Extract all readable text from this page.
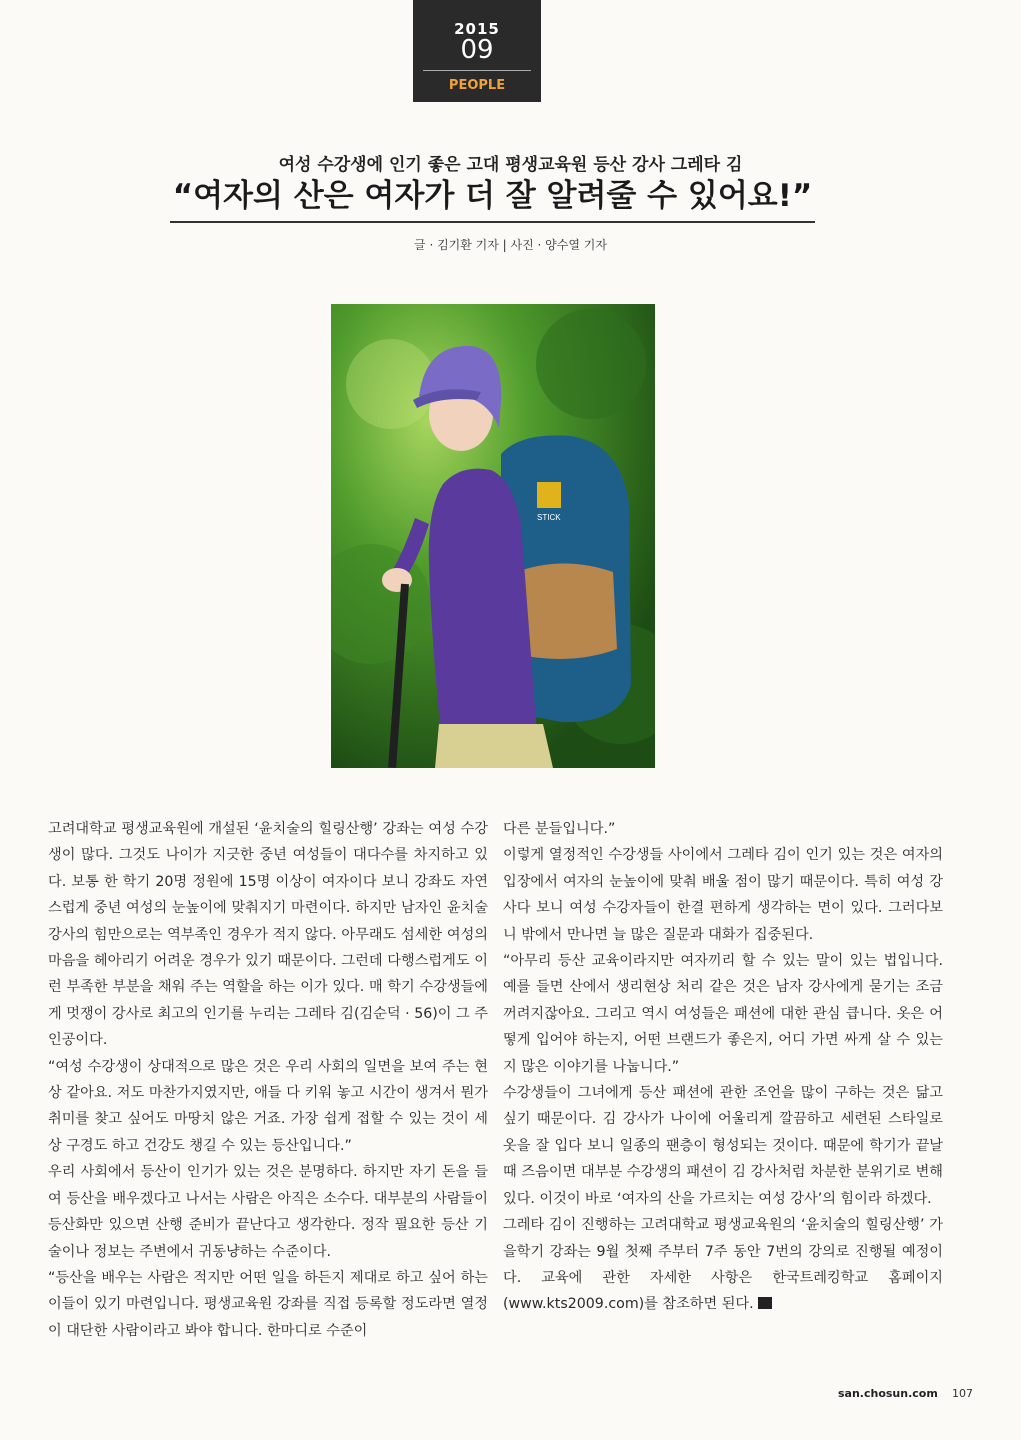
2015
09
PEOPLE
여성 수강생에 인기 좋은 고대 평생교육원 등산 강사 그레타 김
“여자의 산은 여자가 더 잘 알려줄 수 있어요!”
글 · 김기환 기자 | 사진 · 양수열 기자
STICK

고려대학교 평생교육원에 개설된 ‘윤치술의 힐링산행’ 강좌는 여성 수강생이 많다. 그것도 나이가 지긋한 중년 여성들이 대다수를 차지하고 있다. 보통 한 학기 20명 정원에 15명 이상이 여자이다 보니 강좌도 자연스럽게 중년 여성의 눈높이에 맞춰지기 마련이다. 하지만 남자인 윤치술 강사의 힘만으로는 역부족인 경우가 적지 않다. 아무래도 섬세한 여성의 마음을 헤아리기 어려운 경우가 있기 때문이다. 그런데 다행스럽게도 이런 부족한 부분을 채워 주는 역할을 하는 이가 있다. 매 학기 수강생들에게 멋쟁이 강사로 최고의 인기를 누리는 그레타 김(김순덕 · 56)이 그 주인공이다.

“여성 수강생이 상대적으로 많은 것은 우리 사회의 일면을 보여 주는 현상 같아요. 저도 마찬가지였지만, 애들 다 키워 놓고 시간이 생겨서 뭔가 취미를 찾고 싶어도 마땅치 않은 거죠. 가장 쉽게 접할 수 있는 것이 세상 구경도 하고 건강도 챙길 수 있는 등산입니다.”

우리 사회에서 등산이 인기가 있는 것은 분명하다. 하지만 자기 돈을 들여 등산을 배우겠다고 나서는 사람은 아직은 소수다. 대부분의 사람들이 등산화만 있으면 산행 준비가 끝난다고 생각한다. 정작 필요한 등산 기술이나 정보는 주변에서 귀동냥하는 수준이다.

“등산을 배우는 사람은 적지만 어떤 일을 하든지 제대로 하고 싶어 하는 이들이 있기 마련입니다. 평생교육원 강좌를 직접 등록할 정도라면 열정이 대단한 사람이라고 봐야 합니다. 한마디로 수준이

다른 분들입니다.”

이렇게 열정적인 수강생들 사이에서 그레타 김이 인기 있는 것은 여자의 입장에서 여자의 눈높이에 맞춰 배울 점이 많기 때문이다. 특히 여성 강사다 보니 여성 수강자들이 한결 편하게 생각하는 면이 있다. 그러다보니 밖에서 만나면 늘 많은 질문과 대화가 집중된다.

“아무리 등산 교육이라지만 여자끼리 할 수 있는 말이 있는 법입니다. 예를 들면 산에서 생리현상 처리 같은 것은 남자 강사에게 묻기는 조금 꺼려지잖아요. 그리고 역시 여성들은 패션에 대한 관심 큽니다. 옷은 어떻게 입어야 하는지, 어떤 브랜드가 좋은지, 어디 가면 싸게 살 수 있는지 많은 이야기를 나눕니다.”

수강생들이 그녀에게 등산 패션에 관한 조언을 많이 구하는 것은 닮고 싶기 때문이다. 김 강사가 나이에 어울리게 깔끔하고 세련된 스타일로 옷을 잘 입다 보니 일종의 팬층이 형성되는 것이다. 때문에 학기가 끝날 때 즈음이면 대부분 수강생의 패션이 김 강사처럼 차분한 분위기로 변해 있다. 이것이 바로 ‘여자의 산을 가르치는 여성 강사’의 힘이라 하겠다.

그레타 김이 진행하는 고려대학교 평생교육원의 ‘윤치술의 힐링산행’ 가을학기 강좌는 9월 첫째 주부터 7주 동안 7번의 강의로 진행될 예정이다. 교육에 관한 자세한 사항은 한국트레킹학교 홈페이지(www.kts2009.com)를 참조하면 된다.

san.chosun.com 107
